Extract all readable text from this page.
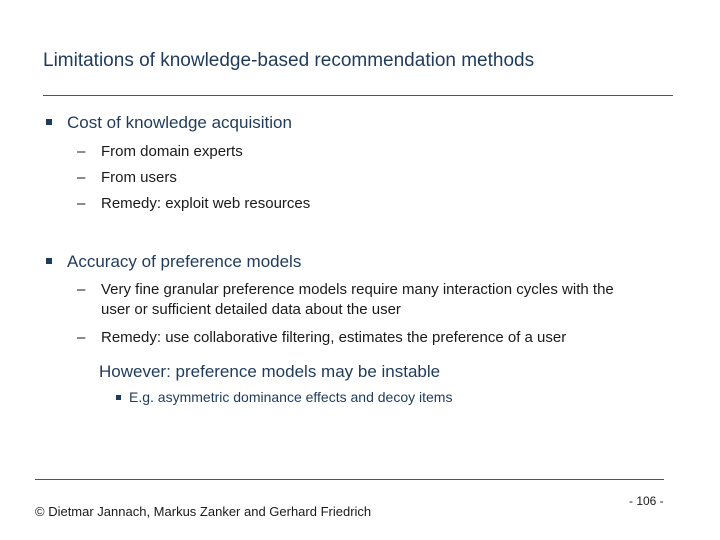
Limitations of knowledge-based recommendation methods
Cost of knowledge acquisition
– From domain experts
– From users
– Remedy: exploit web resources
Accuracy of preference models
– Very fine granular preference models require many interaction cycles with the
user or sufficient detailed data about the user
– Remedy: use collaborative filtering, estimates the preference of a user
However: preference models may be instable
E.g. asymmetric dominance effects and decoy items
© Dietmar Jannach, Markus Zanker and Gerhard Friedrich
- 106 -
